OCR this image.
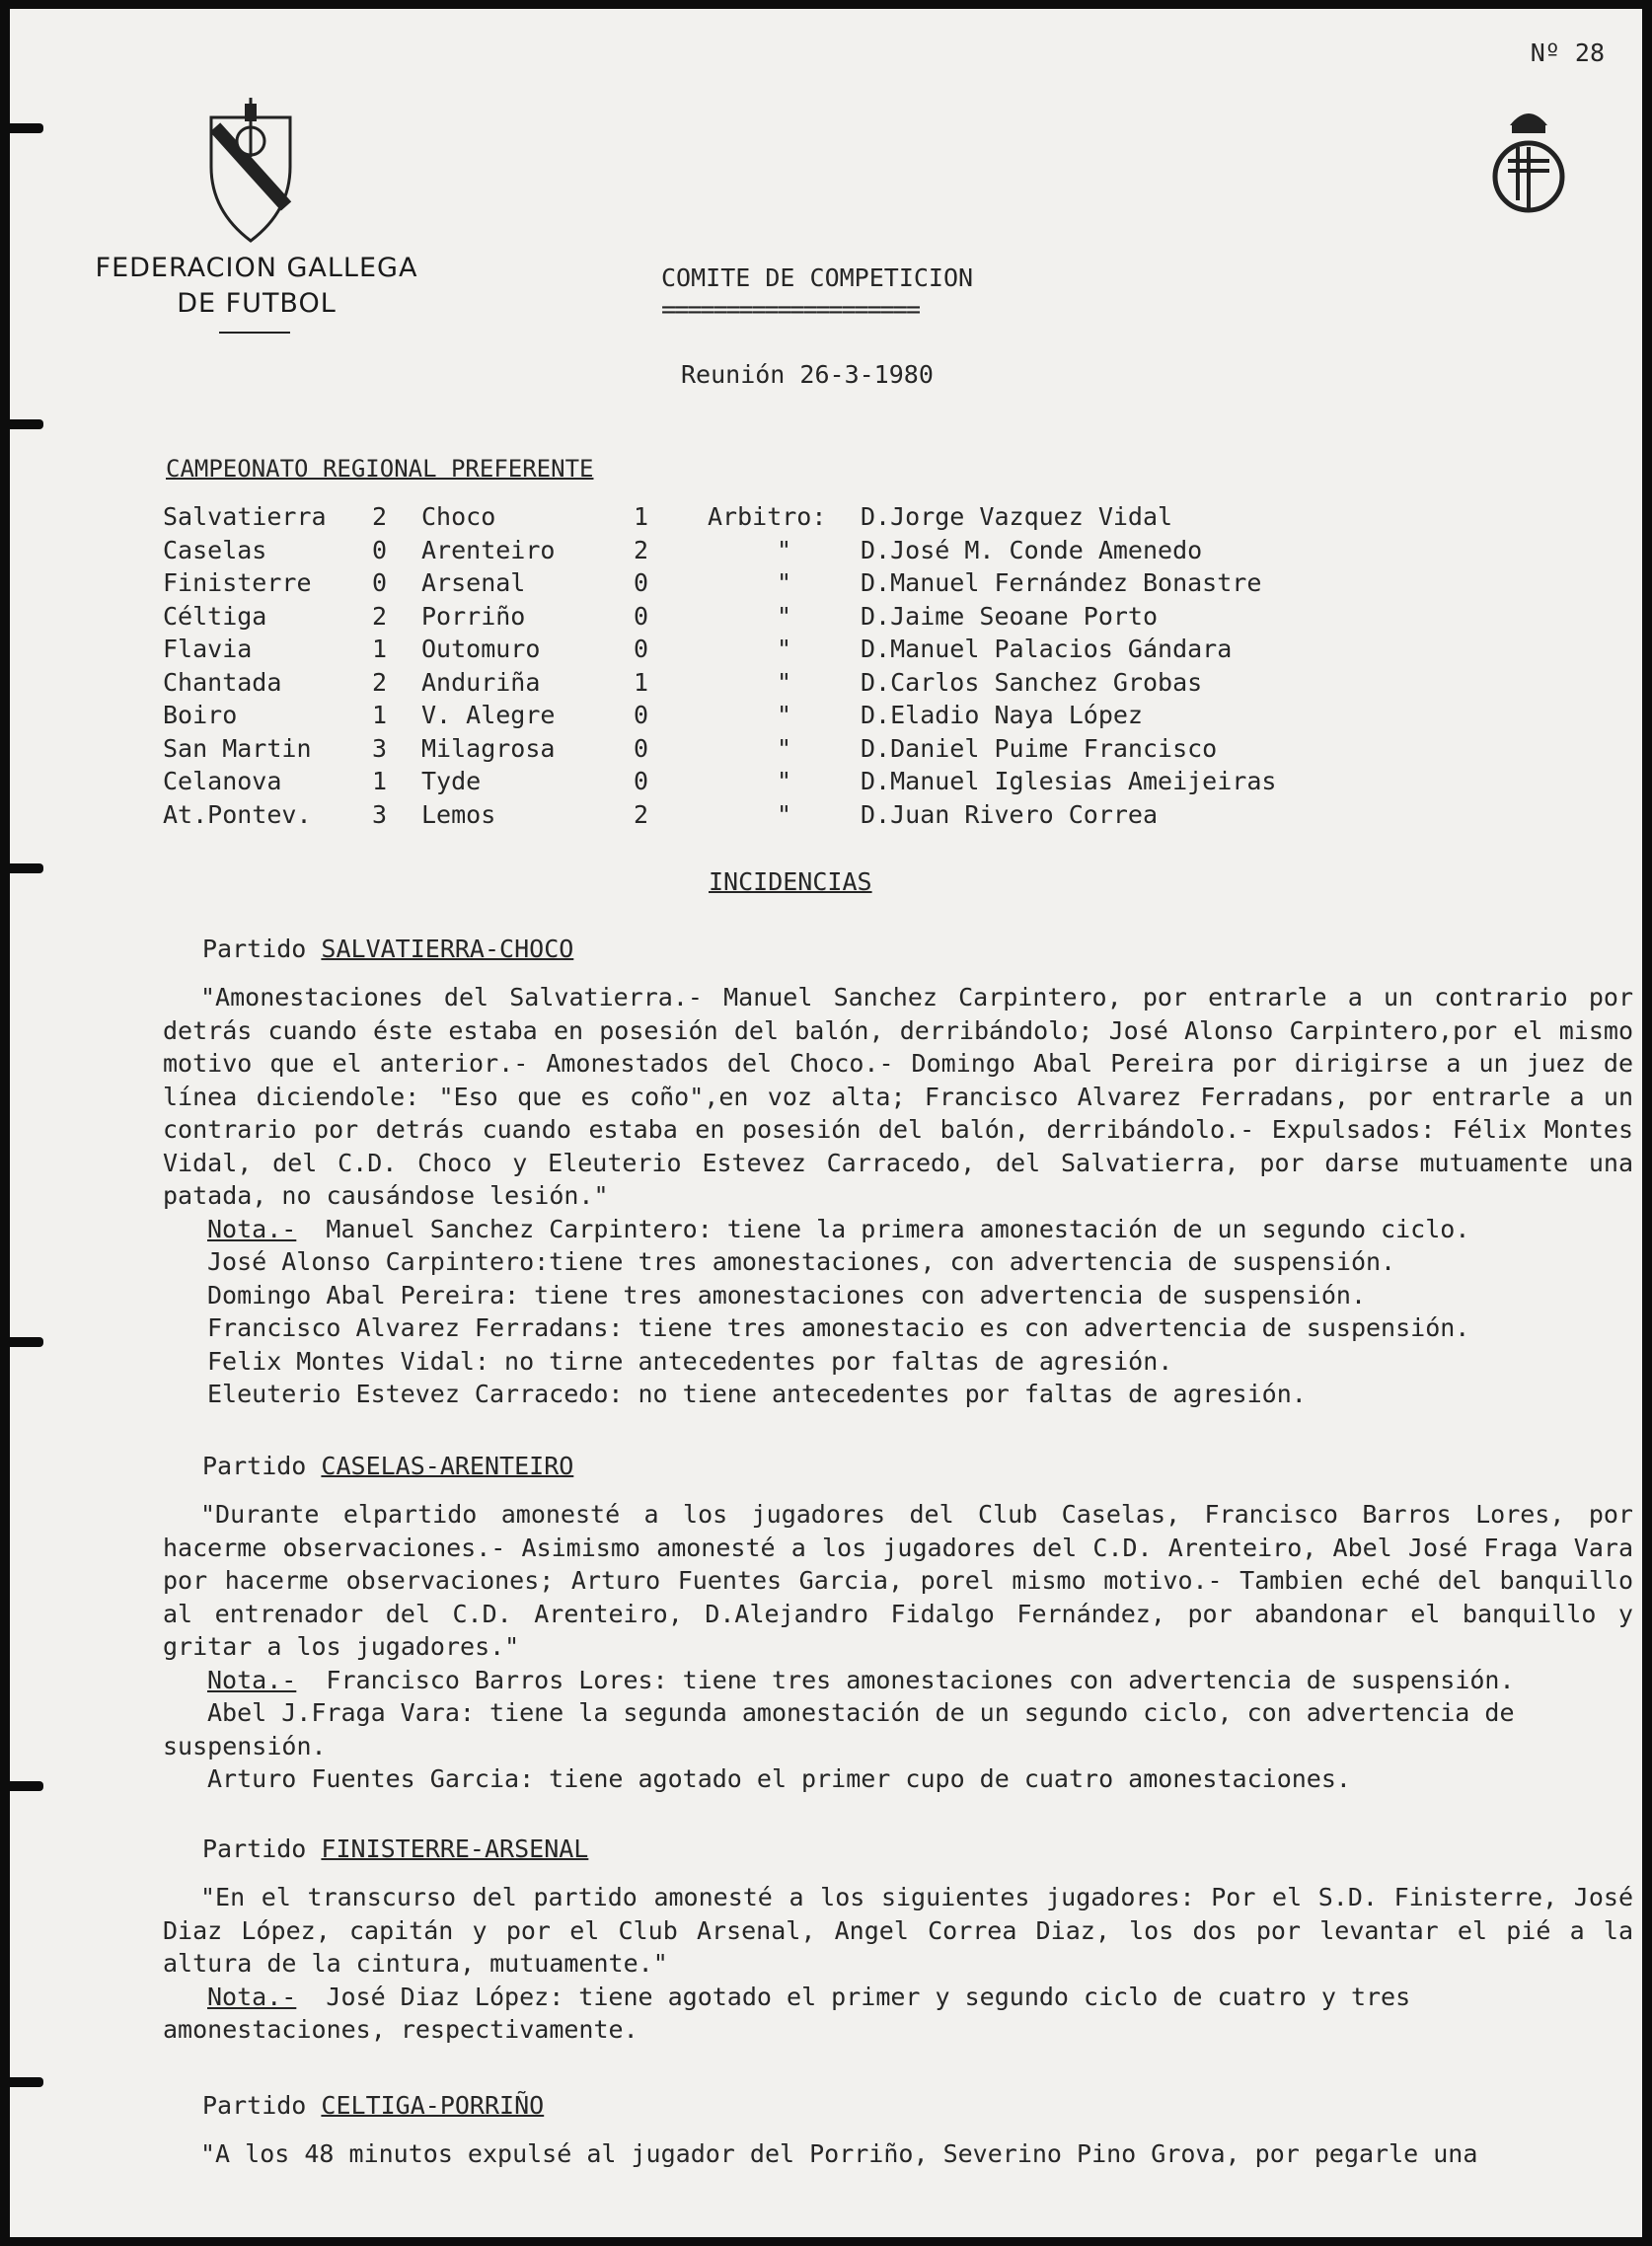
Nº 28
FEDERACION GALLEGA
DE FUTBOL
COMITE DE COMPETICION
====================
Reunión 26-3-1980
CAMPEONATO REGIONAL PREFERENTE
Salvatierra	2	Choco	1	Arbitro:	D.Jorge Vazquez Vidal
Caselas	0	Arenteiro	2	"	D.José M. Conde Amenedo
Finisterre	0	Arsenal	0	"	D.Manuel Fernández Bonastre
Céltiga	2	Porriño	0	"	D.Jaime Seoane Porto
Flavia	1	Outomuro	0	"	D.Manuel Palacios Gándara
Chantada	2	Anduriña	1	"	D.Carlos Sanchez Grobas
Boiro	1	V. Alegre	0	"	D.Eladio Naya López
San Martin	3	Milagrosa	0	"	D.Daniel Puime Francisco
Celanova	1	Tyde	0	"	D.Manuel Iglesias Ameijeiras
At.Pontev.	3	Lemos	2	"	D.Juan Rivero Correa
INCIDENCIAS
Partido SALVATIERRA-CHOCO
"Amonestaciones del Salvatierra.- Manuel Sanchez Carpintero, por entrarle a un contrario por detrás cuando éste estaba en posesión del balón, derribándolo; José Alonso Carpintero,por el mismo motivo que el anterior.- Amonestados del Choco.- Domingo Abal Pereira por dirigirse a un juez de línea diciendole: "Eso que es coño",en voz alta; Francisco Alvarez Ferradans, por entrarle a un contrario por detrás cuando estaba en posesión del balón, derribándolo.- Expulsados: Félix Montes Vidal, del C.D. Choco y Eleuterio Estevez Carracedo, del Salvatierra, por darse mutuamente una patada, no causándose lesión."
Nota.- Manuel Sanchez Carpintero: tiene la primera amonestación de un segundo ciclo.
José Alonso Carpintero:tiene tres amonestaciones, con advertencia de suspensión.
Domingo Abal Pereira: tiene tres amonestaciones con advertencia de suspensión.
Francisco Alvarez Ferradans: tiene tres amonestacio es con advertencia de suspensión.
Felix Montes Vidal: no tirne antecedentes por faltas de agresión.
Eleuterio Estevez Carracedo: no tiene antecedentes por faltas de agresión.
Partido CASELAS-ARENTEIRO
"Durante elpartido amonesté a los jugadores del Club Caselas, Francisco Barros Lores, por hacerme observaciones.- Asimismo amonesté a los jugadores del C.D. Arenteiro, Abel José Fraga Vara por hacerme observaciones; Arturo Fuentes Garcia, porel mismo motivo.- Tambien eché del banquillo al entrenador del C.D. Arenteiro, D.Alejandro Fidalgo Fernández, por abandonar el banquillo y gritar a los jugadores."
Nota.- Francisco Barros Lores: tiene tres amonestaciones con advertencia de suspensión.
Abel J.Fraga Vara: tiene la segunda amonestación de un segundo ciclo, con advertencia de suspensión.
Arturo Fuentes Garcia: tiene agotado el primer cupo de cuatro amonestaciones.
Partido FINISTERRE-ARSENAL
"En el transcurso del partido amonesté a los siguientes jugadores: Por el S.D. Finisterre, José Diaz López, capitán y por el Club Arsenal, Angel Correa Diaz, los dos por levantar el pié a la altura de la cintura, mutuamente."
Nota.- José Diaz López: tiene agotado el primer y segundo ciclo de cuatro y tres amonestaciones, respectivamente.
Partido CELTIGA-PORRIÑO
"A los 48 minutos expulsé al jugador del Porriño, Severino Pino Grova, por pegarle una
